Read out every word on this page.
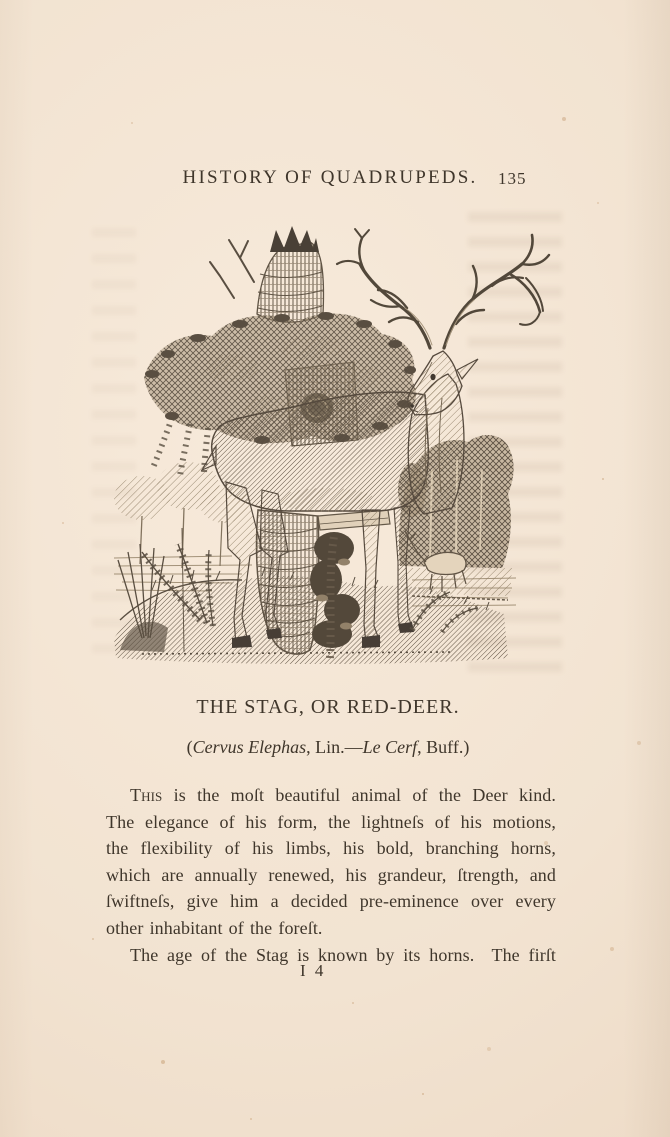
HISTORY OF QUADRUPEDS.	135
THE STAG, OR RED-DEER.
(Cervus Elephas, Lin.—Le Cerf, Buff.)
This is the moſt beautiful animal of the Deer kind.
The elegance of his form, the lightneſs of his motions,
the flexibility of his limbs, his bold, branching horns,
which are annually renewed, his grandeur, ſtrength, and
ſwiftneſs, give him a decided pre-eminence over every
other inhabitant of the foreſt.
The age of the Stag is known by its horns.  The firſt
I 4
